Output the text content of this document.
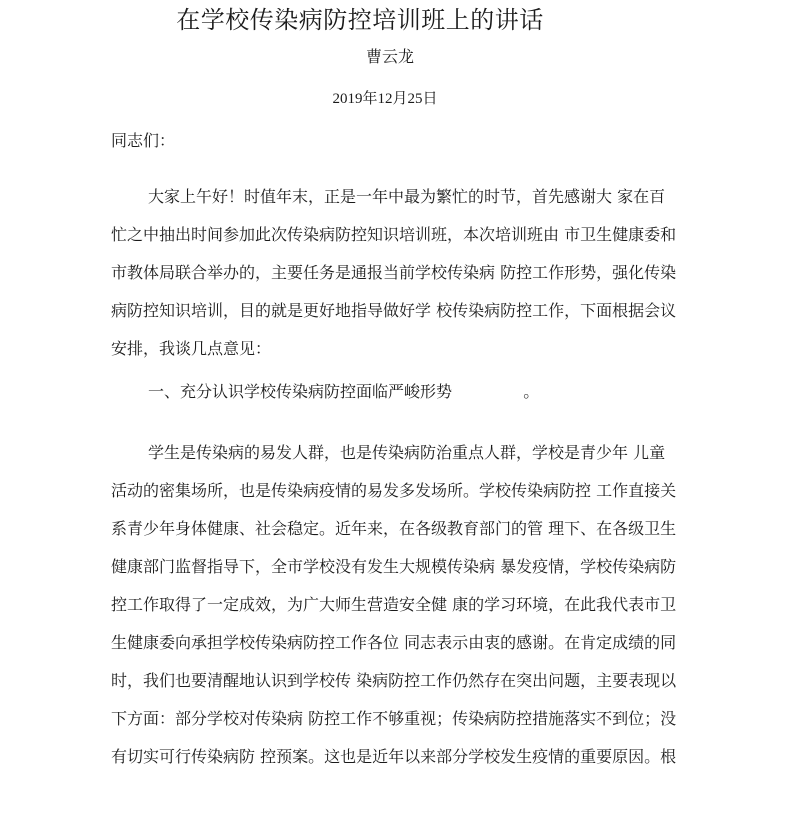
在学校传染病防控培训班上的讲话
曹云龙
2019年12月25日
同志们：

大家上午好！时值年末，正是一年中最为繁忙的时节，首先感谢大 家在百
忙之中抽出时间参加此次传染病防控知识培训班，本次培训班由 市卫生健康委和
市教体局联合举办的，主要任务是通报当前学校传染病 防控工作形势，强化传染
病防控知识培训，目的就是更好地指导做好学 校传染病防控工作，下面根据会议
安排，我谈几点意见：

一、充分认识学校传染病防控面临严峻形势              。

学生是传染病的易发人群，也是传染病防治重点人群，学校是青少年 儿童
活动的密集场所，也是传染病疫情的易发多发场所。学校传染病防控 工作直接关
系青少年身体健康、社会稳定。近年来，在各级教育部门的管 理下、在各级卫生
健康部门监督指导下，全市学校没有发生大规模传染病 暴发疫情，学校传染病防
控工作取得了一定成效，为广大师生营造安全健 康的学习环境，在此我代表市卫
生健康委向承担学校传染病防控工作各位 同志表示由衷的感谢。在肯定成绩的同
时，我们也要清醒地认识到学校传 染病防控工作仍然存在突出问题，主要表现以
下方面：部分学校对传染病 防控工作不够重视；传染病防控措施落实不到位；没
有切实可行传染病防 控预案。这也是近年以来部分学校发生疫情的重要原因。根
